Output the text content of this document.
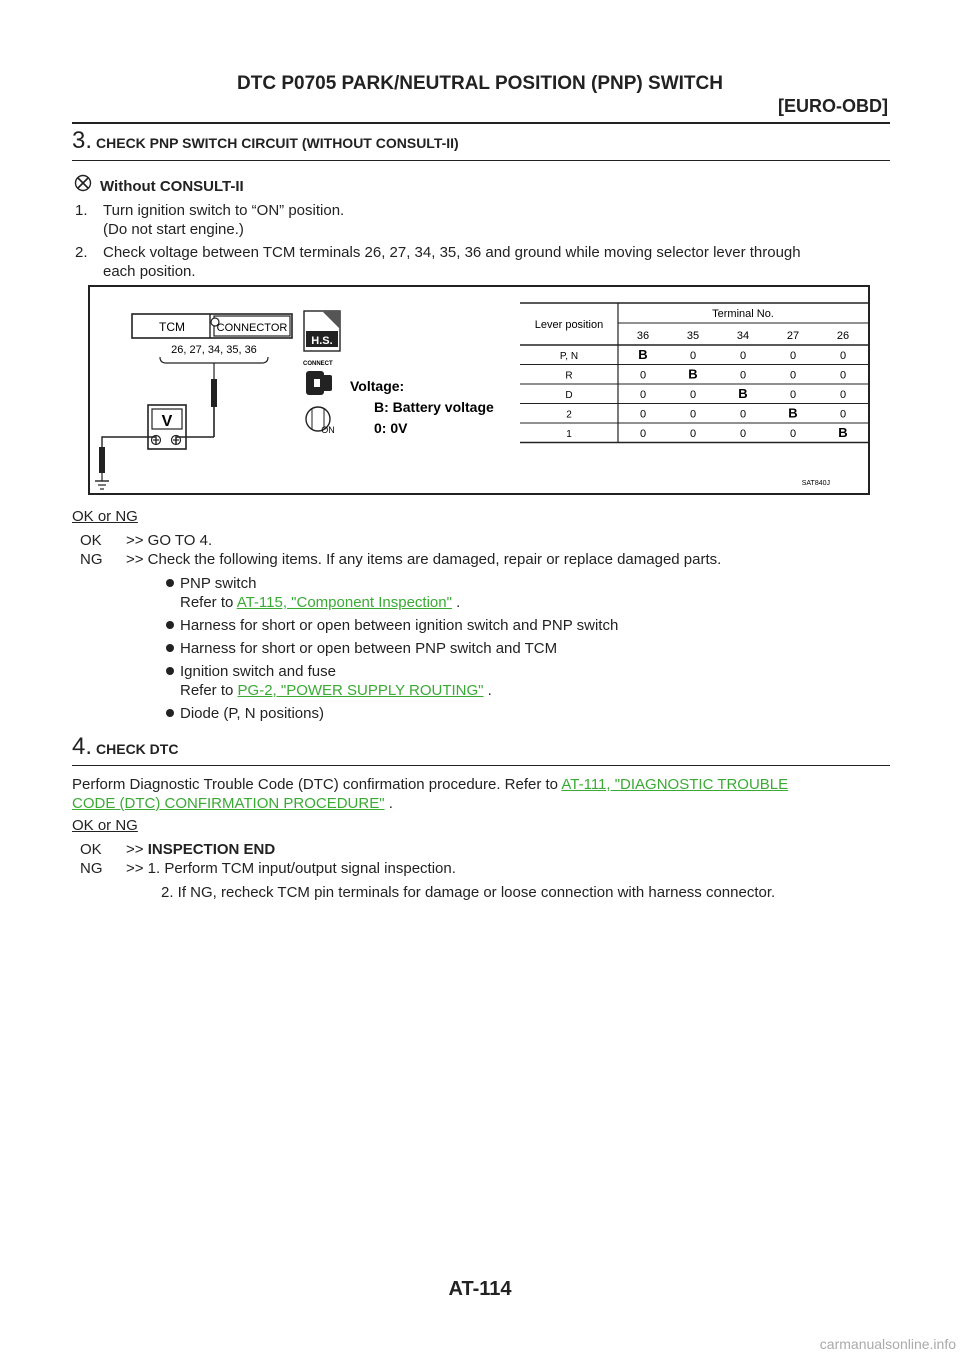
DTC P0705 PARK/NEUTRAL POSITION (PNP) SWITCH
[EURO-OBD]
3. CHECK PNP SWITCH CIRCUIT (WITHOUT CONSULT-II)
Without CONSULT-II
1. Turn ignition switch to “ON” position.
(Do not start engine.)
2. Check voltage between TCM terminals 26, 27, 34, 35, 36 and ground while moving selector lever through
each position.
TCM	CONNECTOR
26, 27, 34, 35, 36
V
H.S.
CONNECT
ON
Voltage:
B: Battery voltage
0: 0V
SAT840J
Lever position
Terminal No.
36	35	34	27	26
P, N	B	0	0	0	0
R	0	B	0	0	0
D	0	0	B	0	0
2	0	0	0	B	0
1	0	0	0	0	B
OK or NG
OK >> GO TO 4.
NG >> Check the following items. If any items are damaged, repair or replace damaged parts.
PNP switch
Refer to AT-115, "Component Inspection" .
Harness for short or open between ignition switch and PNP switch
Harness for short or open between PNP switch and TCM
Ignition switch and fuse
Refer to PG-2, "POWER SUPPLY ROUTING" .
Diode (P, N positions)
4. CHECK DTC
Perform Diagnostic Trouble Code (DTC) confirmation procedure. Refer to AT-111, "DIAGNOSTIC TROUBLE
CODE (DTC) CONFIRMATION PROCEDURE" .
OK or NG
OK >> INSPECTION END
NG >> 1. Perform TCM input/output signal inspection.
2. If NG, recheck TCM pin terminals for damage or loose connection with harness connector.
AT-114
carmanualsonline.info
